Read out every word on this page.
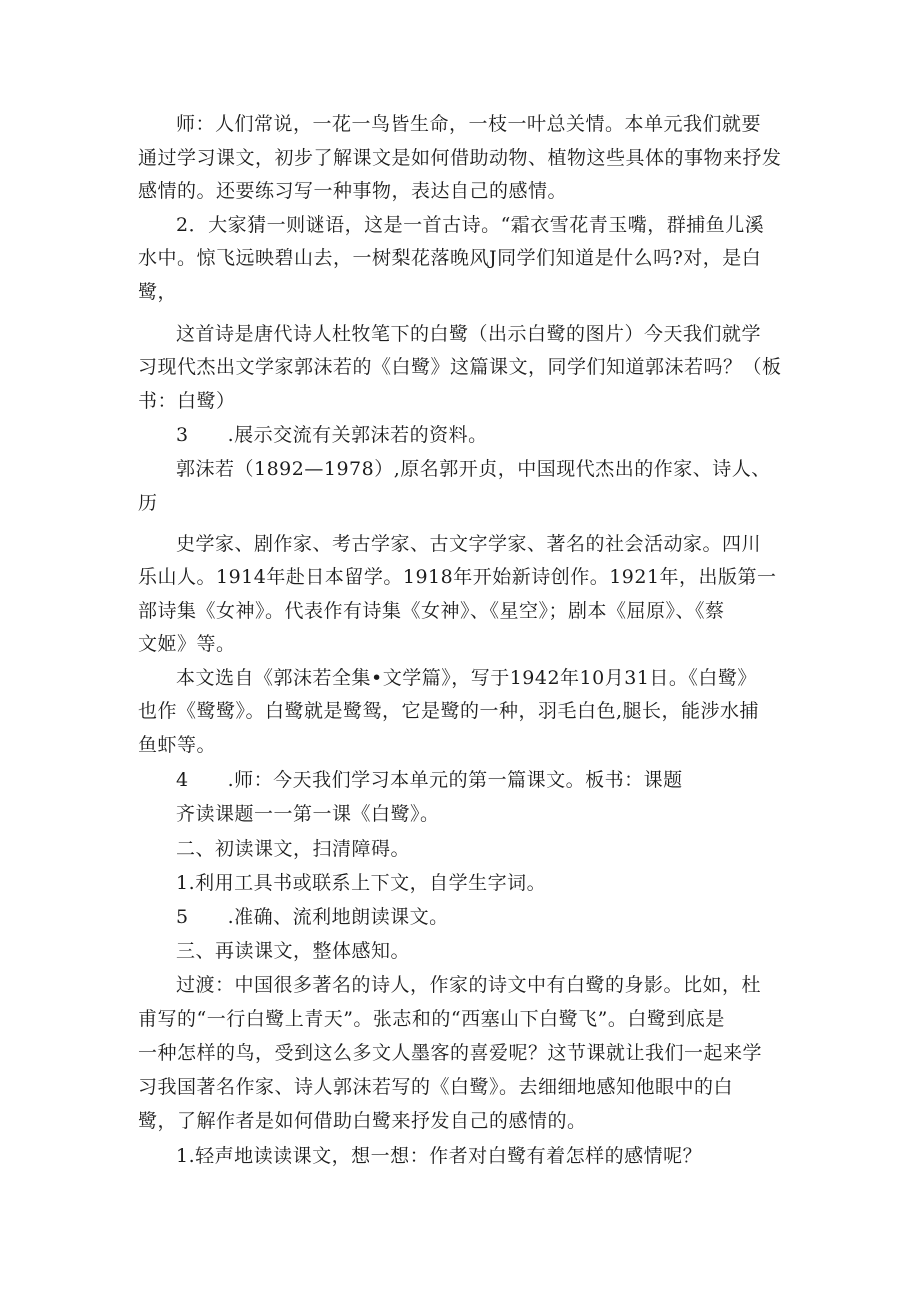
师：人们常说，一花一鸟皆生命，一枝一叶总关情。本单元我们就要
通过学习课文，初步了解课文是如何借助动物、植物这些具体的事物来抒发
感情的。还要练习写一种事物，表达自己的感情。
2．大家猜一则谜语，这是一首古诗。“霜衣雪花青玉嘴，群捕鱼儿溪
水中。惊飞远映碧山去，一树梨花落晚风J同学们知道是什么吗?对，是白
鹭，
这首诗是唐代诗人杜牧笔下的白鹭（出示白鹭的图片）今天我们就学
习现代杰出文学家郭沫若的《白鹭》这篇课文，同学们知道郭沫若吗？（板
书：白鹭）
3　　.展示交流有关郭沫若的资料。
郭沫若（1892—1978）,原名郭开贞，中国现代杰出的作家、诗人、
历
史学家、剧作家、考古学家、古文字学家、著名的社会活动家。四川
乐山人。1914年赴日本留学。1918年开始新诗创作。1921年，出版第一
部诗集《女神》。代表作有诗集《女神》、《星空》；剧本《屈原》、《蔡
文姬》等。
本文选自《郭沫若全集•文学篇》，写于1942年10月31日。《白鹭》
也作《鹭鹭》。白鹭就是鹭鸳，它是鹭的一种，羽毛白色,腿长，能涉水捕
鱼虾等。
4　　.师：今天我们学习本单元的第一篇课文。板书：课题
齐读课题一一第一课《白鹭》。
二、初读课文，扫清障碍。
1.利用工具书或联系上下文，自学生字词。
5　　.准确、流利地朗读课文。
三、再读课文，整体感知。
过渡：中国很多著名的诗人，作家的诗文中有白鹭的身影。比如，杜
甫写的“一行白鹭上青天”。张志和的“西塞山下白鹭飞”。白鹭到底是
一种怎样的鸟，受到这么多文人墨客的喜爱呢？这节课就让我们一起来学
习我国著名作家、诗人郭沫若写的《白鹭》。去细细地感知他眼中的白
鹭，了解作者是如何借助白鹭来抒发自己的感情的。
1.轻声地读读课文，想一想：作者对白鹭有着怎样的感情呢？
